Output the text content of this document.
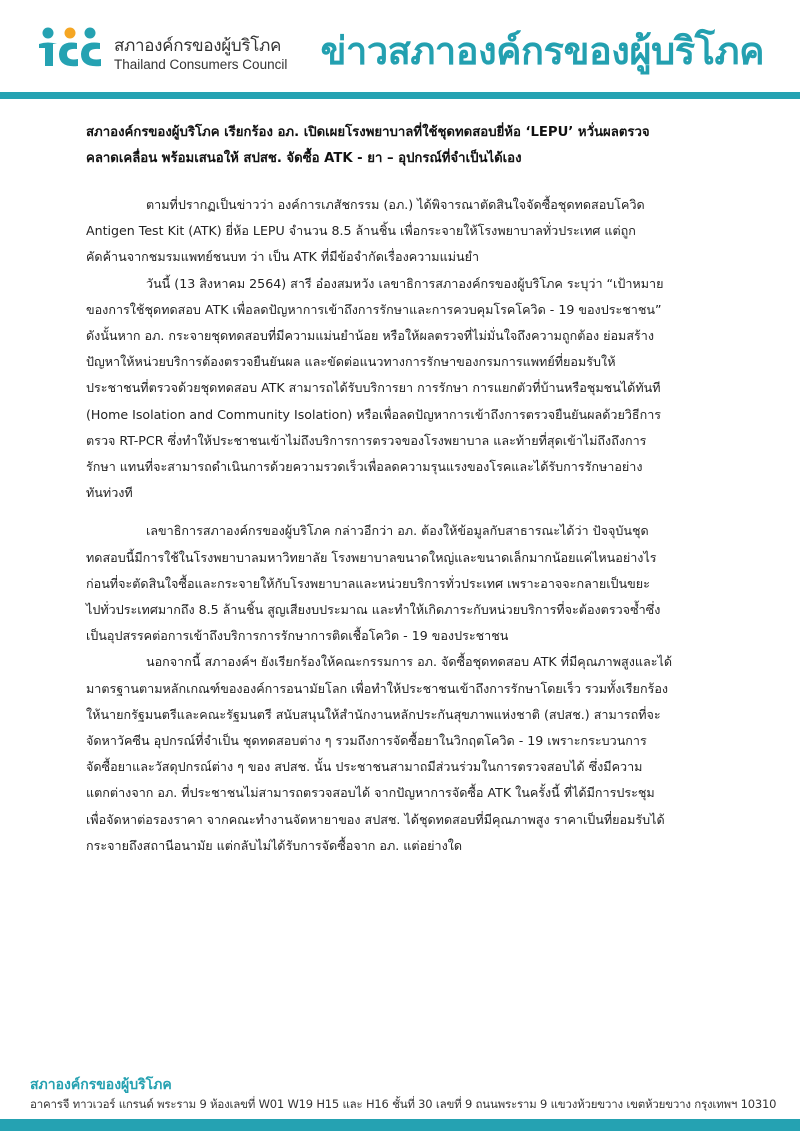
สภาองค์กรของผู้บริโภค
Thailand Consumers Council ข่าวสภาองค์กรของผู้บริโภค
สภาองค์กรของผู้บริโภค เรียกร้อง อภ. เปิดเผยโรงพยาบาลที่ใช้ชุดทดสอบยี่ห้อ ‘LEPU’ หวั่นผลตรวจ
คลาดเคลื่อน พร้อมเสนอให้ สปสช. จัดซื้อ ATK - ยา – อุปกรณ์ที่จำเป็นได้เอง

ตามที่ปรากฏเป็นข่าวว่า องค์การเภสัชกรรม (อภ.) ได้พิจารณาตัดสินใจจัดซื้อชุดทดสอบโควิด
Antigen Test Kit (ATK) ยี่ห้อ LEPU จำนวน 8.5 ล้านชิ้น เพื่อกระจายให้โรงพยาบาลทั่วประเทศ แต่ถูก
คัดค้านจากชมรมแพทย์ชนบท ว่า เป็น ATK ที่มีข้อจำกัดเรื่องความแม่นยำ

วันนี้ (13 สิงหาคม 2564) สารี อ๋องสมหวัง เลขาธิการสภาองค์กรของผู้บริโภค ระบุว่า “เป้าหมาย
ของการใช้ชุดทดสอบ ATK เพื่อลดปัญหาการเข้าถึงการรักษาและการควบคุมโรคโควิด - 19 ของประชาชน”
ดังนั้นหาก อภ. กระจายชุดทดสอบที่มีความแม่นยำน้อย หรือให้ผลตรวจที่ไม่มั่นใจถึงความถูกต้อง ย่อมสร้าง
ปัญหาให้หน่วยบริการต้องตรวจยืนยันผล และขัดต่อแนวทางการรักษาของกรมการแพทย์ที่ยอมรับให้
ประชาชนที่ตรวจด้วยชุดทดสอบ ATK สามารถได้รับบริการยา การรักษา การแยกตัวที่บ้านหรือชุมชนได้ทันที
(Home Isolation and Community Isolation) หรือเพื่อลดปัญหาการเข้าถึงการตรวจยืนยันผลด้วยวิธีการ
ตรวจ RT-PCR ซึ่งทำให้ประชาชนเข้าไม่ถึงบริการการตรวจของโรงพยาบาล และท้ายที่สุดเข้าไม่ถึงถึงการ
รักษา แทนที่จะสามารถดำเนินการด้วยความรวดเร็วเพื่อลดความรุนแรงของโรคและได้รับการรักษาอย่าง
ทันท่วงที

เลขาธิการสภาองค์กรของผู้บริโภค กล่าวอีกว่า อภ. ต้องให้ข้อมูลกับสาธารณะได้ว่า ปัจจุบันชุด
ทดสอบนี้มีการใช้ในโรงพยาบาลมหาวิทยาลัย โรงพยาบาลขนาดใหญ่และขนาดเล็กมากน้อยแค่ไหนอย่างไร
ก่อนที่จะตัดสินใจซื้อและกระจายให้กับโรงพยาบาลและหน่วยบริการทั่วประเทศ เพราะอาจจะกลายเป็นขยะ
ไปทั่วประเทศมากถึง 8.5 ล้านชิ้น สูญเสียงบประมาณ และทำให้เกิดภาระกับหน่วยบริการที่จะต้องตรวจซ้ำซึ่ง
เป็นอุปสรรคต่อการเข้าถึงบริการการรักษาการติดเชื้อโควิด - 19 ของประชาชน

นอกจากนี้ สภาองค์ฯ ยังเรียกร้องให้คณะกรรมการ อภ. จัดซื้อชุดทดสอบ ATK ที่มีคุณภาพสูงและได้
มาตรฐานตามหลักเกณฑ์ขององค์การอนามัยโลก เพื่อทำให้ประชาชนเข้าถึงการรักษาโดยเร็ว รวมทั้งเรียกร้อง
ให้นายกรัฐมนตรีและคณะรัฐมนตรี สนับสนุนให้สำนักงานหลักประกันสุขภาพแห่งชาติ (สปสช.) สามารถที่จะ
จัดหาวัคซีน อุปกรณ์ที่จำเป็น ชุดทดสอบต่าง ๆ รวมถึงการจัดซื้อยาในวิกฤตโควิด - 19 เพราะกระบวนการ
จัดซื้อยาและวัสดุปกรณ์ต่าง ๆ ของ สปสช. นั้น ประชาชนสามาถมีส่วนร่วมในการตรวจสอบได้ ซึ่งมีความ
แตกต่างจาก อภ. ที่ประชาชนไม่สามารถตรวจสอบได้ จากปัญหาการจัดซื้อ ATK ในครั้งนี้ ที่ได้มีการประชุม
เพื่อจัดหาต่อรองราคา จากคณะทำงานจัดหายาของ สปสช. ได้ชุดทดสอบที่มีคุณภาพสูง ราคาเป็นที่ยอมรับได้
กระจายถึงสถานีอนามัย แต่กลับไม่ได้รับการจัดซื้อจาก อภ. แต่อย่างใด

สภาองค์กรของผู้บริโภค
อาคารจี ทาวเวอร์ แกรนด์ พระราม 9 ห้องเลขที่ W01 W19 H15 และ H16 ชั้นที่ 30 เลขที่ 9 ถนนพระราม 9 แขวงห้วยขวาง เขตห้วยขวาง กรุงเทพฯ 10310
